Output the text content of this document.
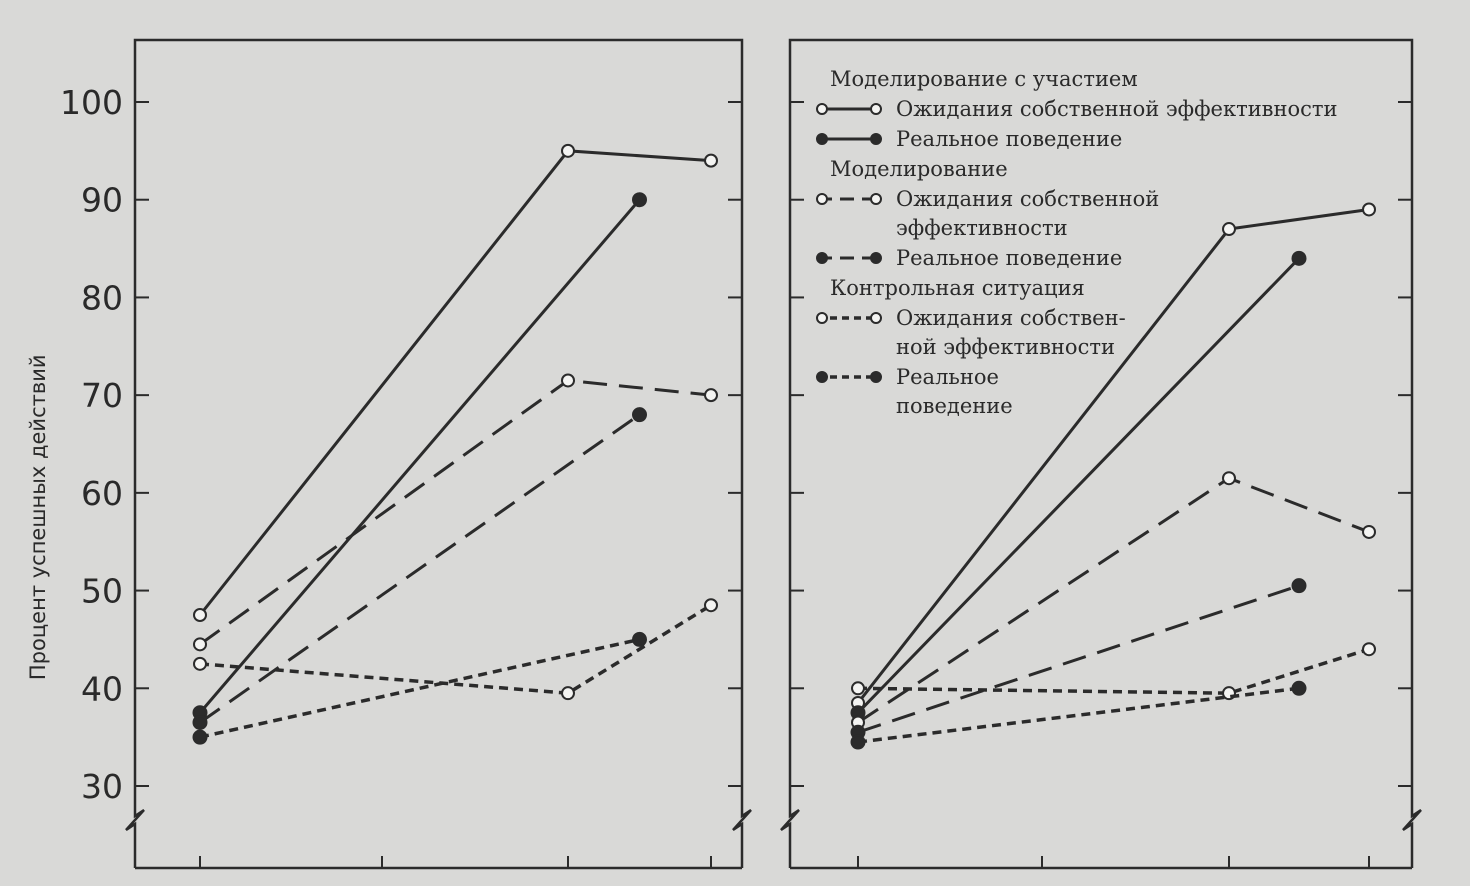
30
40
50
60
70
80
90
100
Процент успешных действий
Моделирование с участием
Ожидания собственной эффективности
Реальное поведение
Моделирование
Ожидания собственной
эффективности
Реальное поведение
Контрольная ситуация
Ожидания собствен-
ной эффективности
Реальное
поведение
